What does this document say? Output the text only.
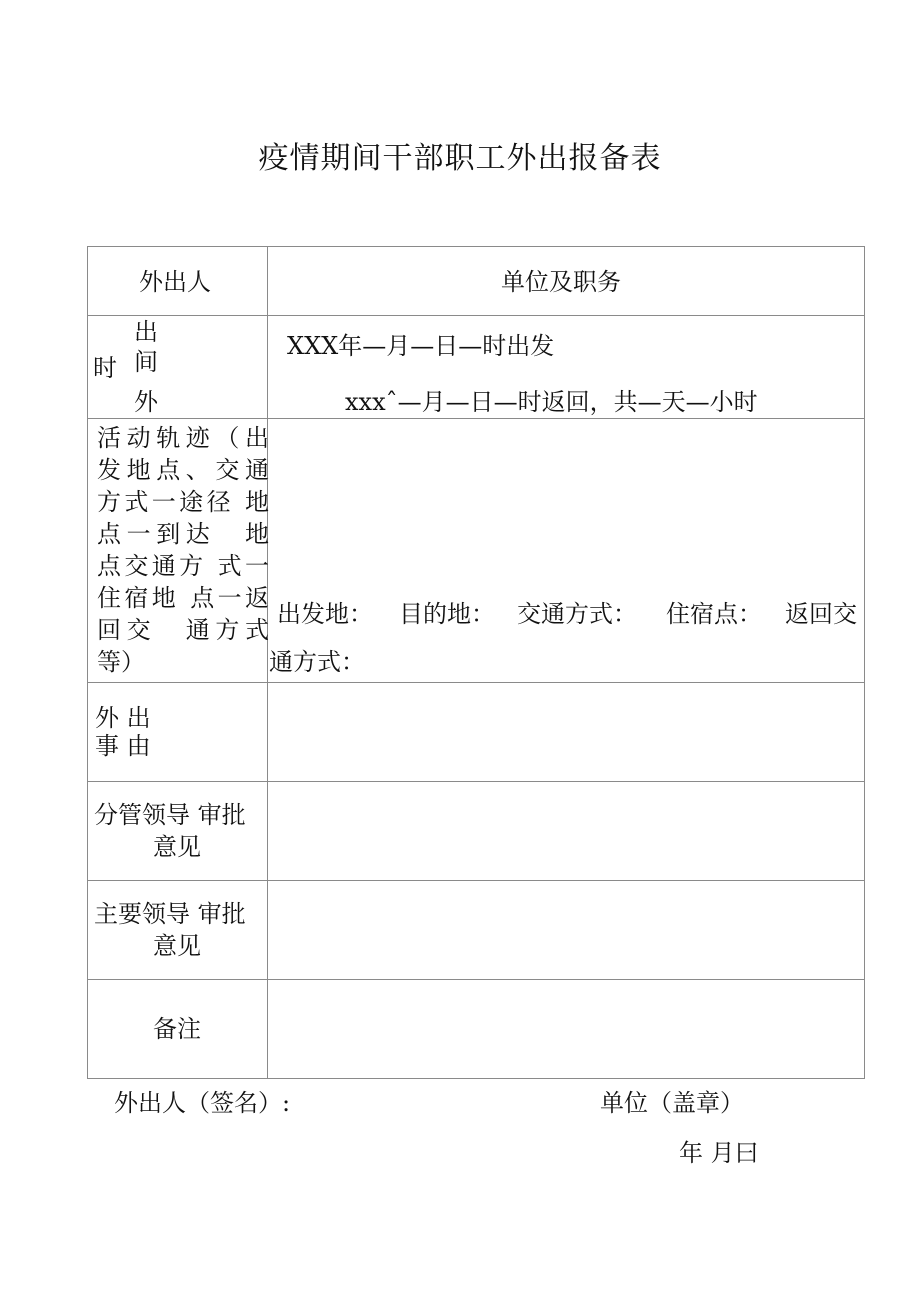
疫情期间干部职工外出报备表
外出人	单位及职务
出
间
时
外
XXX年—月—日—时出发
xxxˆ—月—日—时返回，共—天—小时
活动轨迹（出
发地点、交通
方式一途径 地
点一到达　地
点交通方 式一
住宿地 点一返
回交　通方式
等）
出发地： 目的地： 交通方式： 住宿点： 返回交
通方式：
外 出
事 由
分管领导 审批
意见
主要领导 审批
意见
备注
外出人（签名）:	单位（盖章）
年 月曰
